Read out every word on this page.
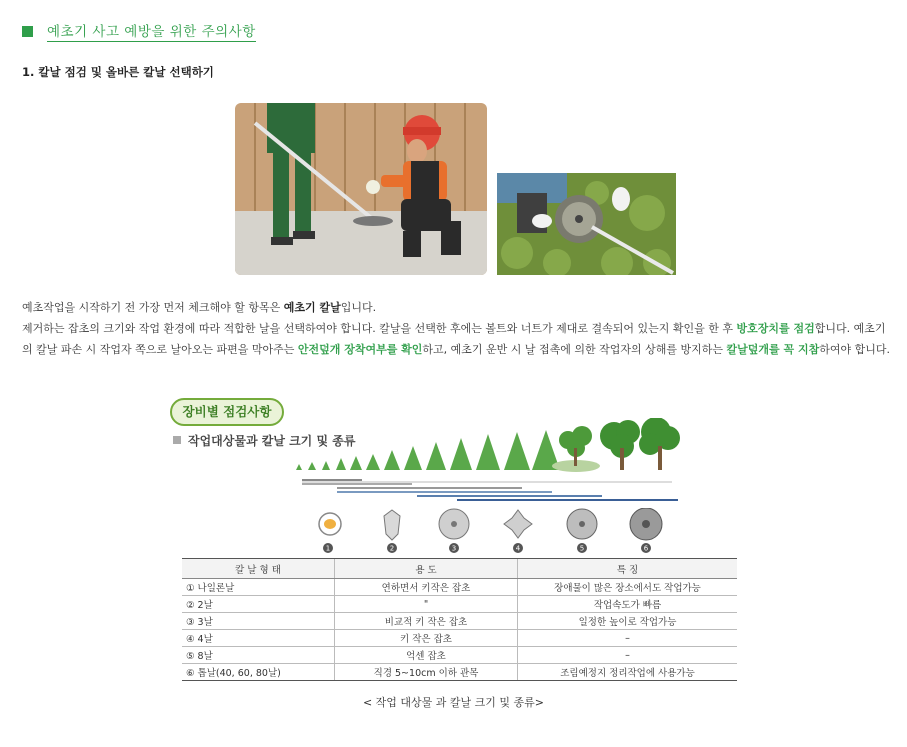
예초기 사고 예방을 위한 주의사항
1. 칼날 점검 및 올바른 칼날 선택하기
예초작업을 시작하기 전 가장 먼저 체크해야 할 항목은 예초기 칼날입니다.
제거하는 잡초의 크기와 작업 환경에 따라 적합한 날을 선택하여야 합니다. 칼날을 선택한 후에는 볼트와 너트가 제대로 결속되어 있는지 확인을 한 후 방호장치를 점검합니다. 예초기의 칼날 파손 시 작업자 쪽으로 날아오는 파편을 막아주는 안전덮개 장착여부를 확인하고, 예초기 운반 시 날 접촉에 의한 작업자의 상해를 방지하는 칼날덮개를 꼭 지참하여야 합니다.
장비별 점검사항
작업대상물과 칼날 크기 및 종류
1	2	3	4	5	6
칼 날 형 태	용 도	특 징
① 나일론날	연하면서 키작은 잡초	장애물이 많은 장소에서도 작업가능
② 2날	"	작업속도가 빠름
③ 3날	비교적 키 작은 잡초	일정한 높이로 작업가능
④ 4날	키 작은 잡초	–
⑤ 8날	억센 잡초	–
⑥ 톱날(40, 60, 80날)	직경 5~10cm 이하 관목	조림예정지 정리작업에 사용가능
< 작업 대상물 과 칼날 크기 및 종류>
